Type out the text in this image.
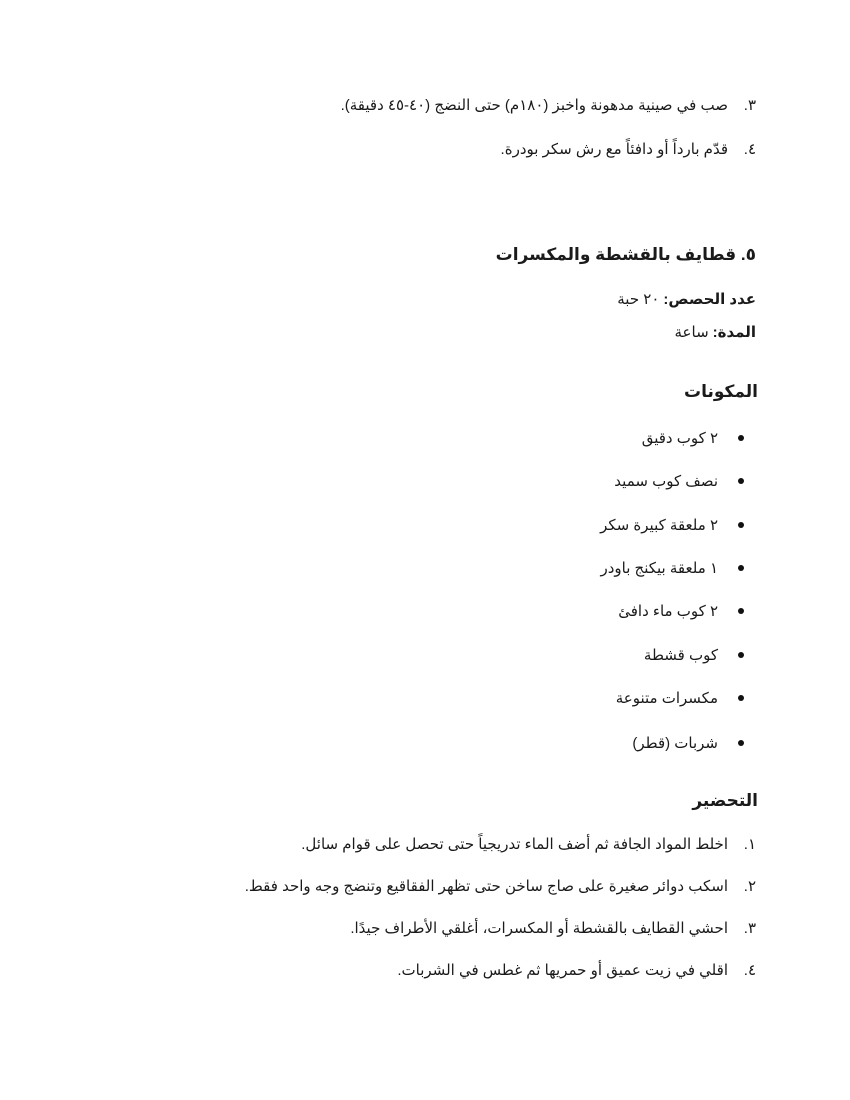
٣.
صب في صينية مدهونة واخبز (١٨٠م) حتى النضج (٤٠-٤٥ دقيقة).
٤.
قدّم بارداً أو دافئاً مع رش سكر بودرة.
٥. قطايف بالقشطة والمكسرات
عدد الحصص:
٢٠ حبة
المدة:
ساعة
المكونات
٢ كوب دقيق
نصف كوب سميد
٢ ملعقة كبيرة سكر
١ ملعقة بيكنج باودر
٢ كوب ماء دافئ
كوب قشطة
مكسرات متنوعة
شربات (قطر)
التحضير
١.
اخلط المواد الجافة ثم أضف الماء تدريجياً حتى تحصل على قوام سائل.
٢.
اسكب دوائر صغيرة على صاج ساخن حتى تظهر الفقاقيع وتنضج وجه واحد فقط.
٣.
احشي القطايف بالقشطة أو المكسرات، أغلقي الأطراف جيدًا.
٤.
اقلي في زيت عميق أو حمريها ثم غطس في الشربات.
